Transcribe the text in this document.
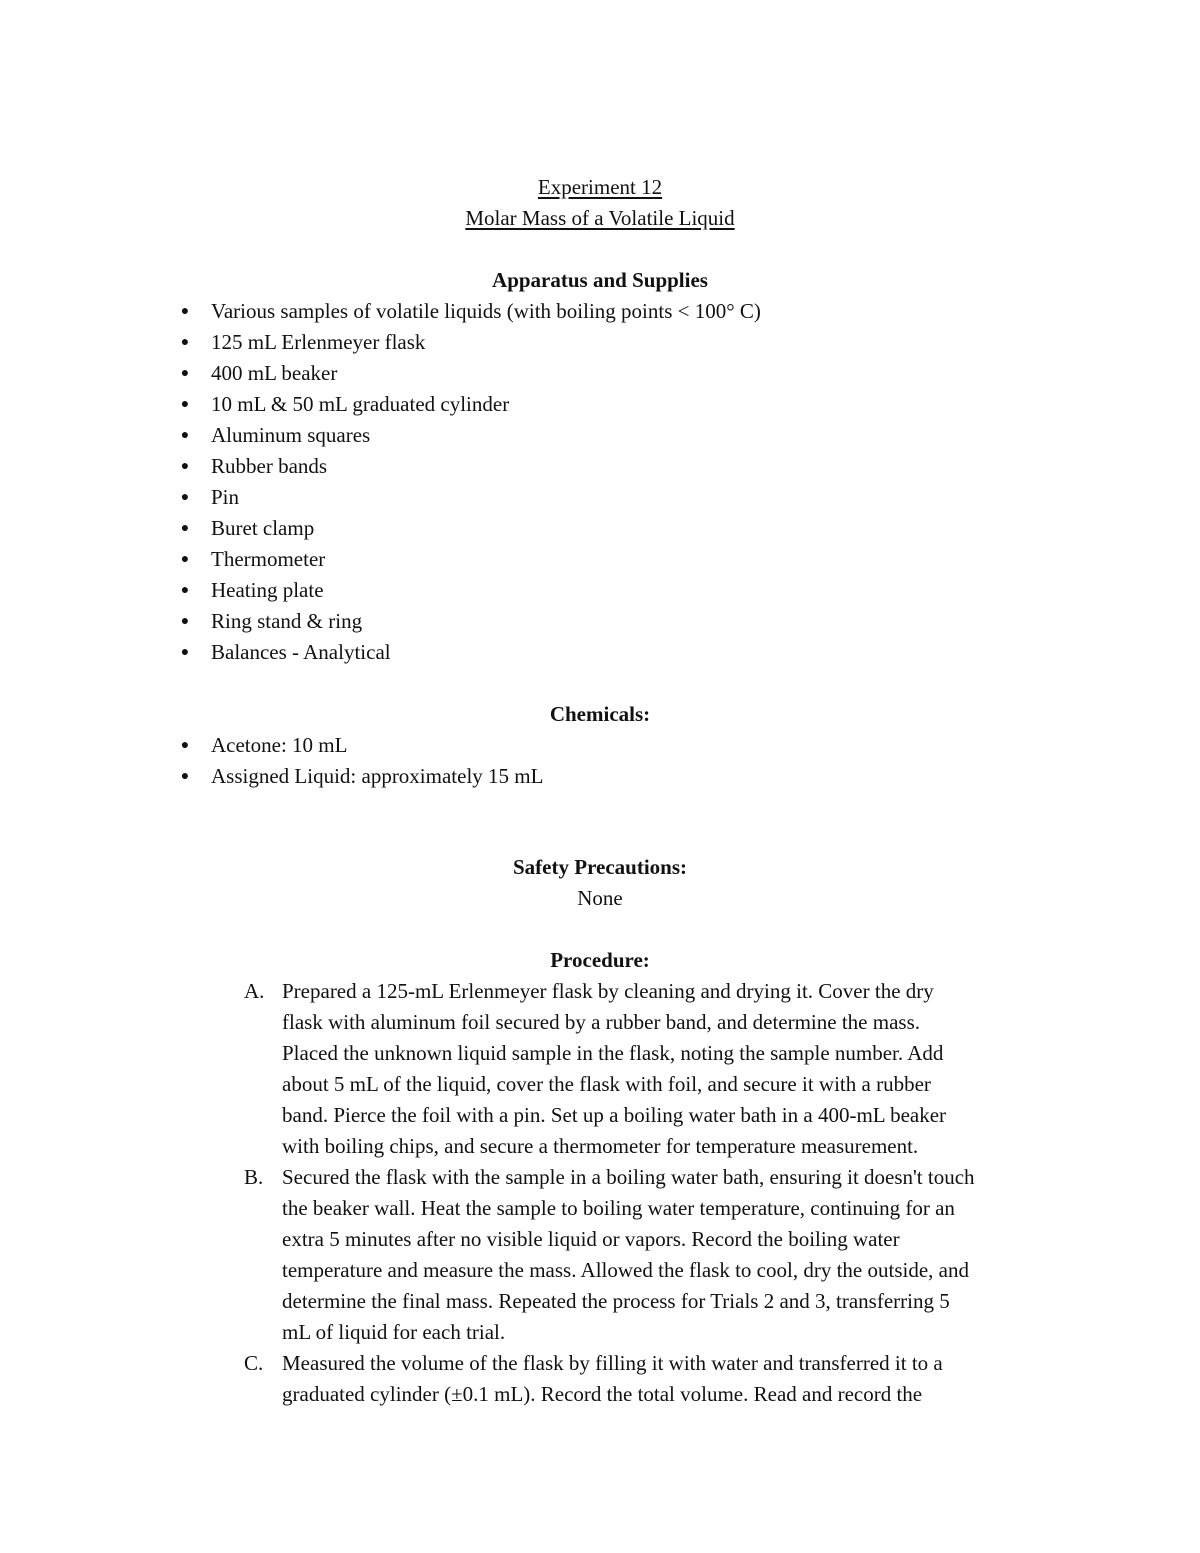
Experiment 12
Molar Mass of a Volatile Liquid
Apparatus and Supplies
● Various samples of volatile liquids (with boiling points < 100° C)
● 125 mL Erlenmeyer flask
● 400 mL beaker
● 10 mL & 50 mL graduated cylinder
● Aluminum squares
● Rubber bands
● Pin
● Buret clamp
● Thermometer
● Heating plate
● Ring stand & ring
● Balances - Analytical
Chemicals:
● Acetone: 10 mL
● Assigned Liquid: approximately 15 mL
Safety Precautions:
None
Procedure:
A. Prepared a 125-mL Erlenmeyer flask by cleaning and drying it. Cover the dry
flask with aluminum foil secured by a rubber band, and determine the mass.
Placed the unknown liquid sample in the flask, noting the sample number. Add
about 5 mL of the liquid, cover the flask with foil, and secure it with a rubber
band. Pierce the foil with a pin. Set up a boiling water bath in a 400-mL beaker
with boiling chips, and secure a thermometer for temperature measurement.
B. Secured the flask with the sample in a boiling water bath, ensuring it doesn't touch
the beaker wall. Heat the sample to boiling water temperature, continuing for an
extra 5 minutes after no visible liquid or vapors. Record the boiling water
temperature and measure the mass. Allowed the flask to cool, dry the outside, and
determine the final mass. Repeated the process for Trials 2 and 3, transferring 5
mL of liquid for each trial.
C. Measured the volume of the flask by filling it with water and transferred it to a
graduated cylinder (±0.1 mL). Record the total volume. Read and record the
